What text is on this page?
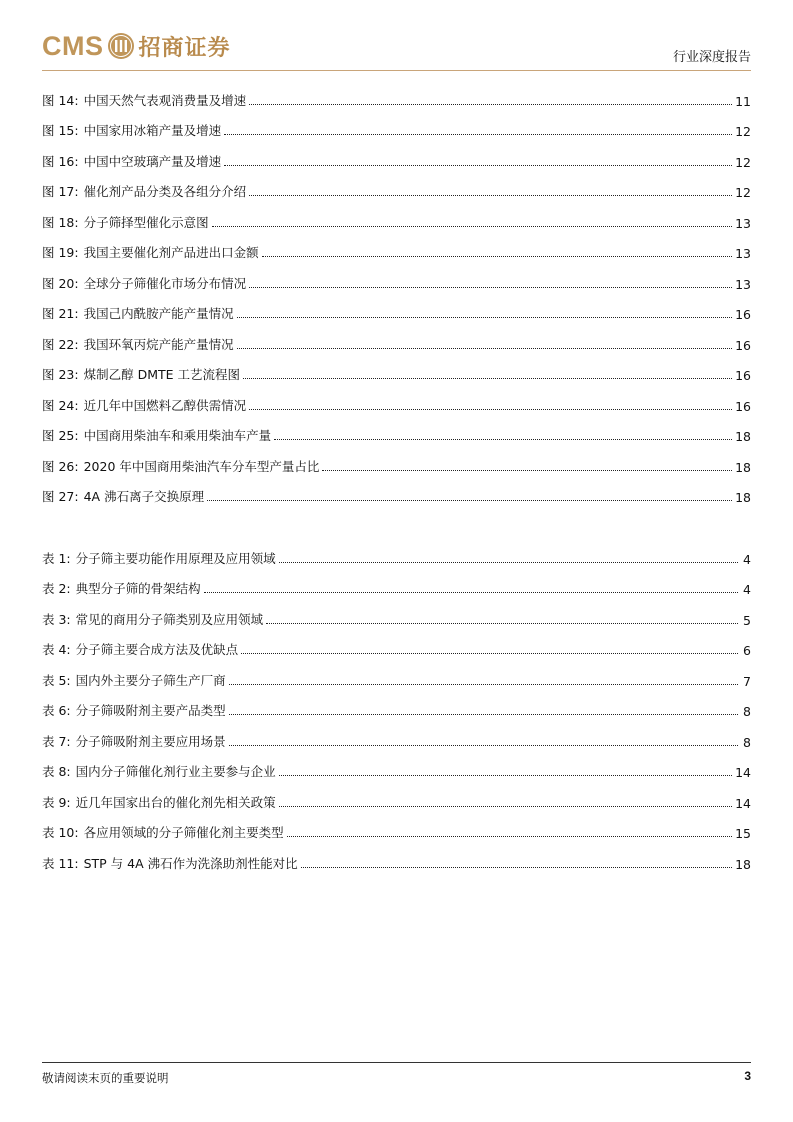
CMS 招商证券	行业深度报告
图 14: 中国天然气表观消费量及增速	11
图 15: 中国家用冰箱产量及增速	12
图 16: 中国中空玻璃产量及增速	12
图 17: 催化剂产品分类及各组分介绍	12
图 18: 分子筛择型催化示意图	13
图 19: 我国主要催化剂产品进出口金额	13
图 20: 全球分子筛催化市场分布情况	13
图 21: 我国己内酰胺产能产量情况	16
图 22: 我国环氧丙烷产能产量情况	16
图 23: 煤制乙醇 DMTE 工艺流程图	16
图 24: 近几年中国燃料乙醇供需情况	16
图 25: 中国商用柴油车和乘用柴油车产量	18
图 26: 2020 年中国商用柴油汽车分车型产量占比	18
图 27: 4A 沸石离子交换原理	18
表 1: 分子筛主要功能作用原理及应用领域	4
表 2: 典型分子筛的骨架结构	4
表 3: 常见的商用分子筛类别及应用领域	5
表 4: 分子筛主要合成方法及优缺点	6
表 5: 国内外主要分子筛生产厂商	7
表 6: 分子筛吸附剂主要产品类型	8
表 7: 分子筛吸附剂主要应用场景	8
表 8: 国内分子筛催化剂行业主要参与企业	14
表 9: 近几年国家出台的催化剂先相关政策	14
表 10: 各应用领域的分子筛催化剂主要类型	15
表 11: STP 与 4A 沸石作为洗涤助剂性能对比	18
敬请阅读末页的重要说明	3
